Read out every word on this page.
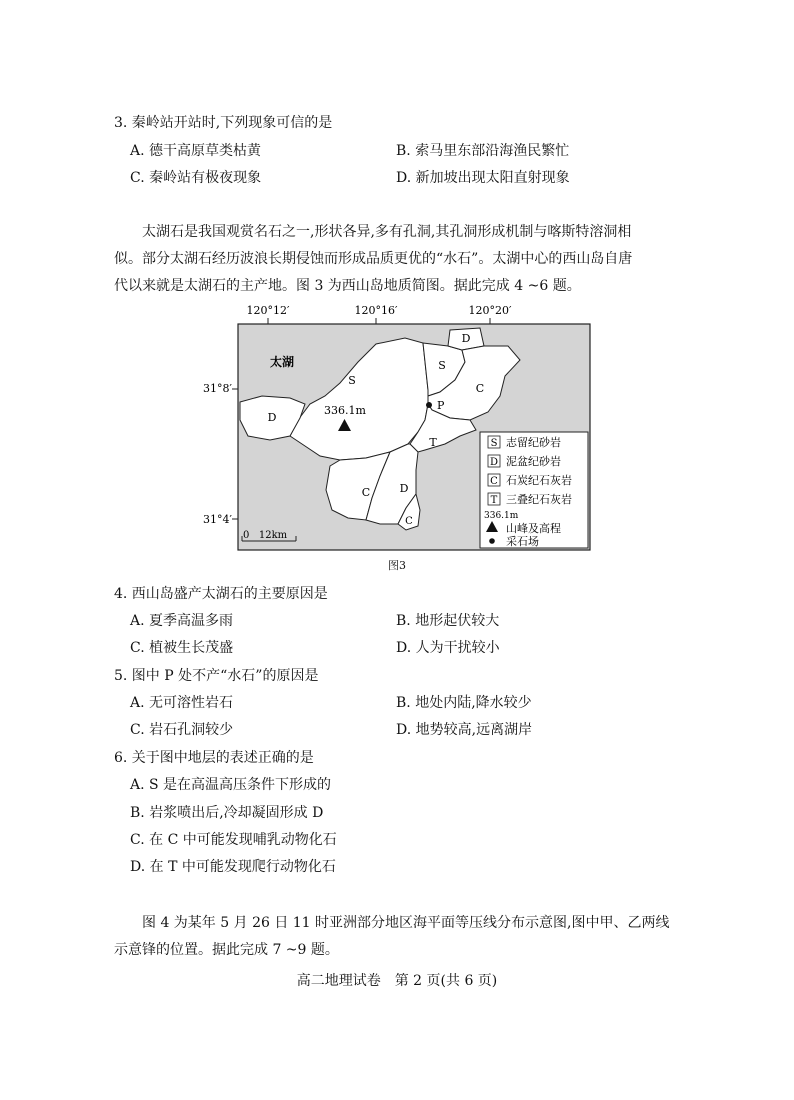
3. 秦岭站开站时,下列现象可信的是
A. 德干高原草类枯黄	B. 索马里东部沿海渔民繁忙
C. 秦岭站有极夜现象	D. 新加坡出现太阳直射现象
太湖石是我国观赏名石之一,形状各异,多有孔洞,其孔洞形成机制与喀斯特溶洞相
似。部分太湖石经历波浪长期侵蚀而形成品质更优的“水石”。太湖中心的西山岛自唐
代以来就是太湖石的主产地。图 3 为西山岛地质简图。据此完成 4 ~6 题。
120°12′	120°16′	120°20′
31°8′
31°4′
S
S
D
D
D
C
C
C
T
太湖
336.1m	P
0   12km
S 志留纪砂岩
D 泥盆纪砂岩
C 石炭纪石灰岩
T 三叠纪石灰岩
336.1m
山峰及高程
采石场
图3
4. 西山岛盛产太湖石的主要原因是
A. 夏季高温多雨	B. 地形起伏较大
C. 植被生长茂盛	D. 人为干扰较小
5. 图中 P 处不产“水石”的原因是
A. 无可溶性岩石	B. 地处内陆,降水较少
C. 岩石孔洞较少	D. 地势较高,远离湖岸
6. 关于图中地层的表述正确的是
A. S 是在高温高压条件下形成的
B. 岩浆喷出后,冷却凝固形成 D
C. 在 C 中可能发现哺乳动物化石
D. 在 T 中可能发现爬行动物化石
图 4 为某年 5 月 26 日 11 时亚洲部分地区海平面等压线分布示意图,图中甲、乙两线
示意锋的位置。据此完成 7 ~9 题。
高二地理试卷　第 2 页(共 6 页)
